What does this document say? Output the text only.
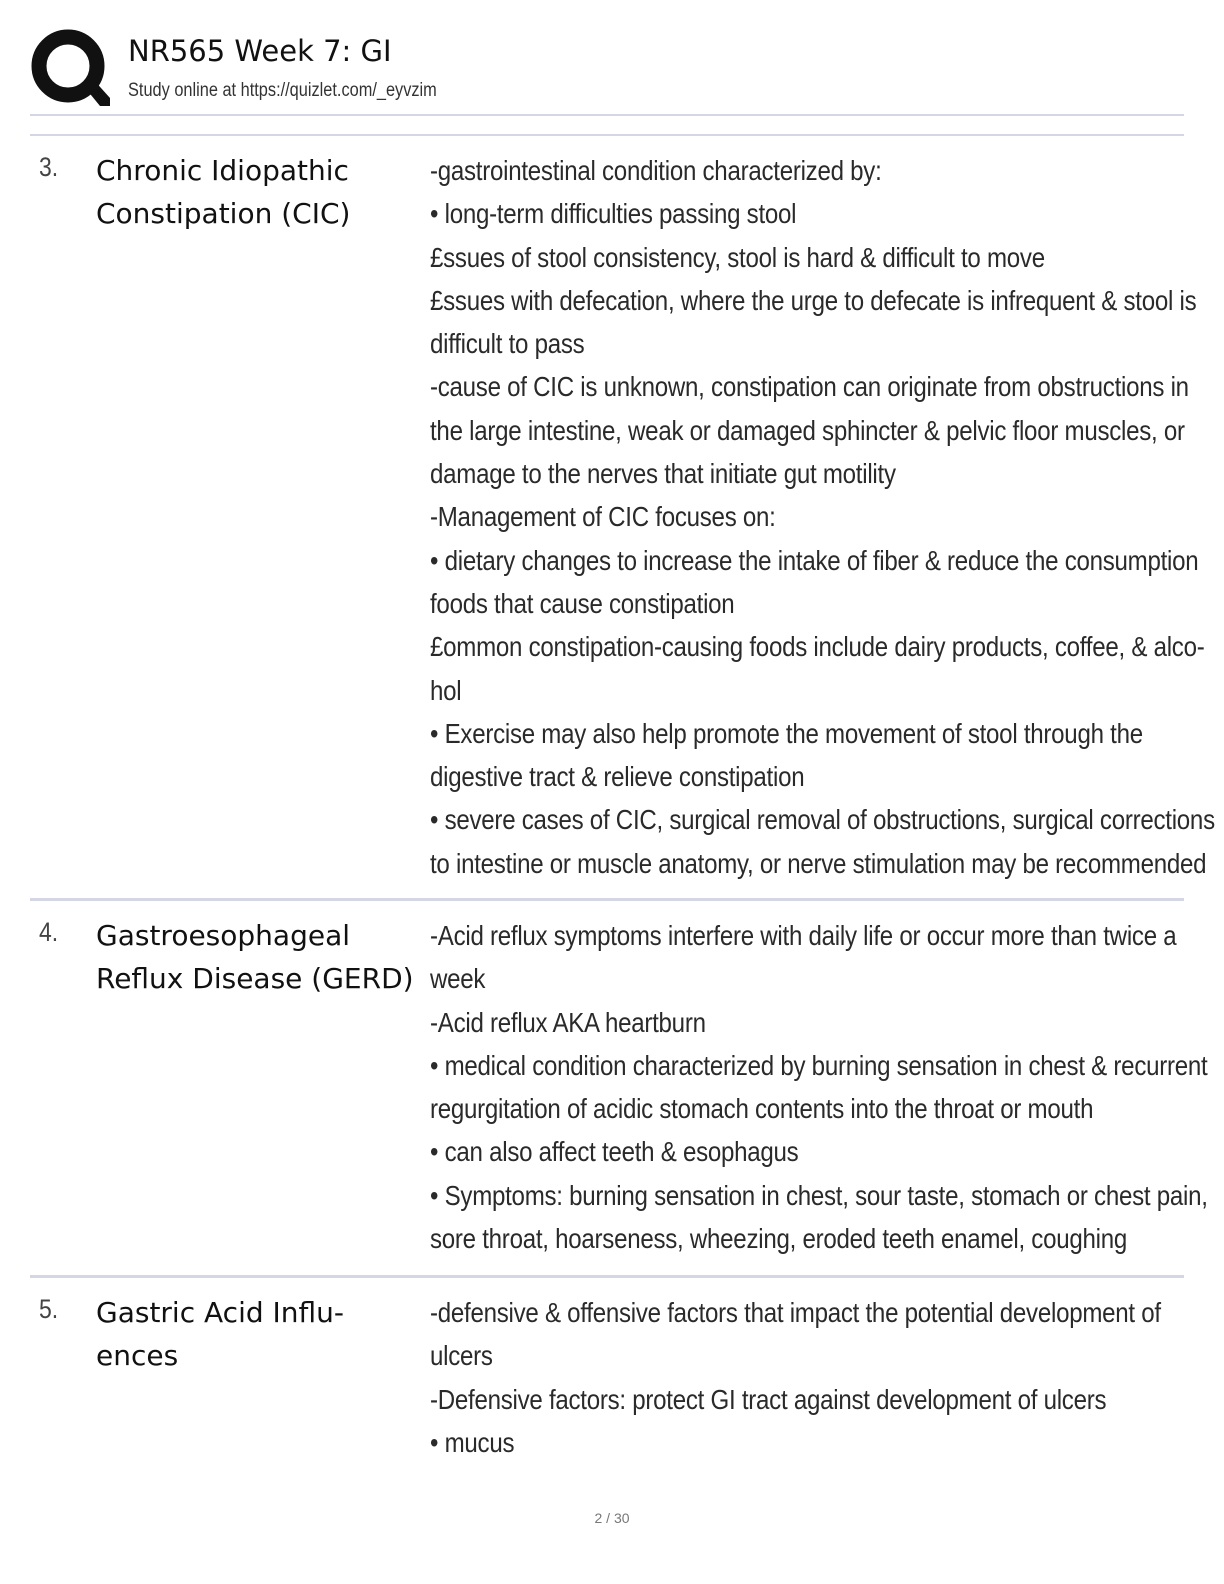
NR565 Week 7: GI
Study online at https://quizlet.com/_eyvzim
3. Chronic Idiopathic Constipation (CIC)
-gastrointestinal condition characterized by:
• long-term difficulties passing stool
£ssues of stool consistency, stool is hard & difficult to move
£ssues with defecation, where the urge to defecate is infrequent & stool is
difficult to pass
-cause of CIC is unknown, constipation can originate from obstructions in
the large intestine, weak or damaged sphincter & pelvic floor muscles, or
damage to the nerves that initiate gut motility
-Management of CIC focuses on:
• dietary changes to increase the intake of fiber & reduce the consumption
foods that cause constipation
£ommon constipation-causing foods include dairy products, coffee, & alco-
hol
• Exercise may also help promote the movement of stool through the
digestive tract & relieve constipation
• severe cases of CIC, surgical removal of obstructions, surgical corrections
to intestine or muscle anatomy, or nerve stimulation may be recommended
4. Gastroesophageal Reflux Disease (GERD)
-Acid reflux symptoms interfere with daily life or occur more than twice a
week
-Acid reflux AKA heartburn
• medical condition characterized by burning sensation in chest & recurrent
regurgitation of acidic stomach contents into the throat or mouth
• can also affect teeth & esophagus
• Symptoms: burning sensation in chest, sour taste, stomach or chest pain,
sore throat, hoarseness, wheezing, eroded teeth enamel, coughing
5. Gastric Acid Influ- ences
-defensive & offensive factors that impact the potential development of
ulcers
-Defensive factors: protect GI tract against development of ulcers
• mucus
2 / 30
